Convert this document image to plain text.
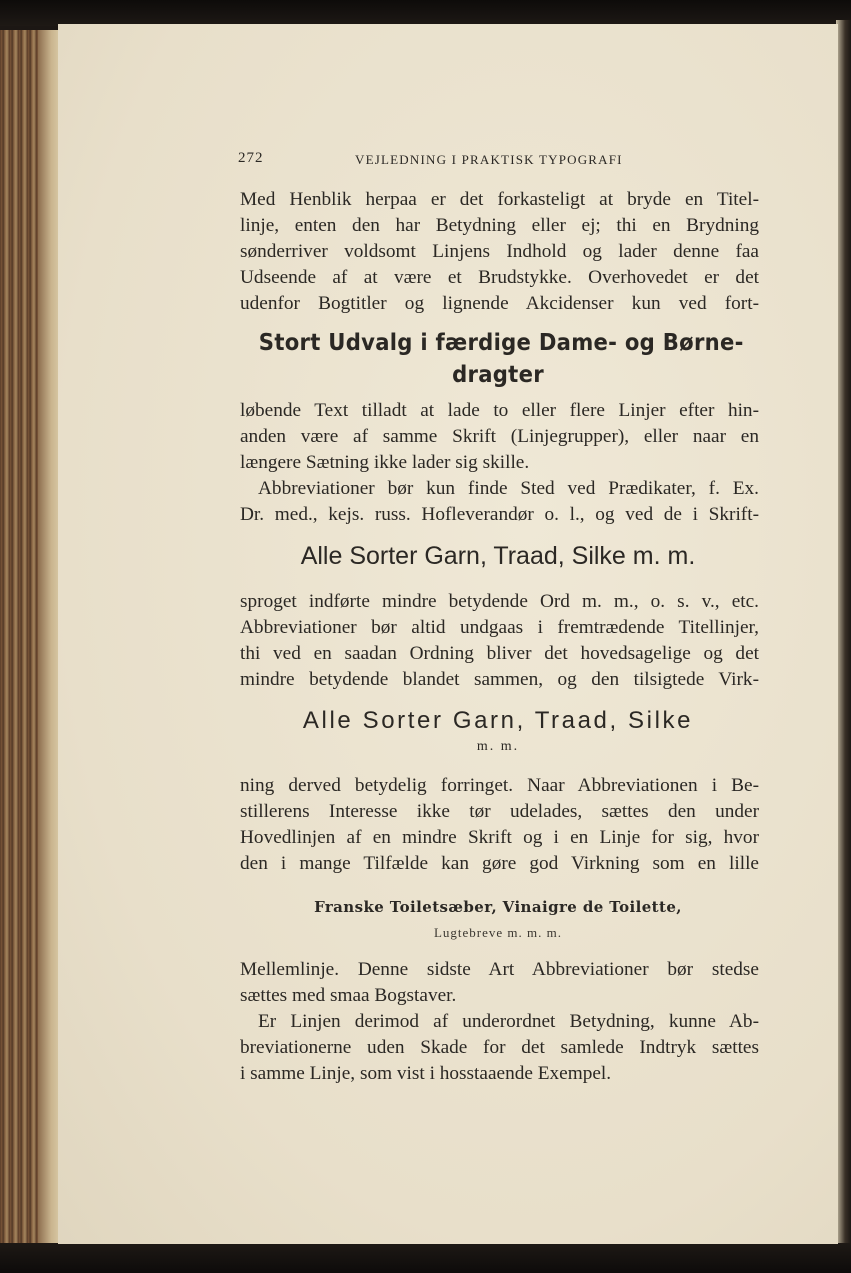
272	VEJLEDNING I PRAKTISK TYPOGRAFI
Med Henblik herpaa er det forkasteligt at bryde en Titel-
linje, enten den har Betydning eller ej; thi en Brydning
sønderriver voldsomt Linjens Indhold og lader denne faa
Udseende af at være et Brudstykke. Overhovedet er det
udenfor Bogtitler og lignende Akcidenser kun ved fort-
Stort Udvalg i færdige Dame- og Børne-
dragter
løbende Text tilladt at lade to eller flere Linjer efter hin-
anden være af samme Skrift (Linjegrupper), eller naar en
længere Sætning ikke lader sig skille.
Abbreviationer bør kun finde Sted ved Prædikater, f. Ex.
Dr. med., kejs. russ. Hofleverandør o. l., og ved de i Skrift-
Alle Sorter Garn, Traad, Silke m. m.
sproget indførte mindre betydende Ord m. m., o. s. v., etc.
Abbreviationer bør altid undgaas i fremtrædende Titellinjer,
thi ved en saadan Ordning bliver det hovedsagelige og det
mindre betydende blandet sammen, og den tilsigtede Virk-
Alle Sorter Garn, Traad, Silke
m. m.
ning derved betydelig forringet. Naar Abbreviationen i Be-
stillerens Interesse ikke tør udelades, sættes den under
Hovedlinjen af en mindre Skrift og i en Linje for sig, hvor
den i mange Tilfælde kan gøre god Virkning som en lille
Franske Toiletsæber, Vinaigre de Toilette,
Lugtebreve m. m. m.
Mellemlinje. Denne sidste Art Abbreviationer bør stedse
sættes med smaa Bogstaver.
Er Linjen derimod af underordnet Betydning, kunne Ab-
breviationerne uden Skade for det samlede Indtryk sættes
i samme Linje, som vist i hosstaaende Exempel.
